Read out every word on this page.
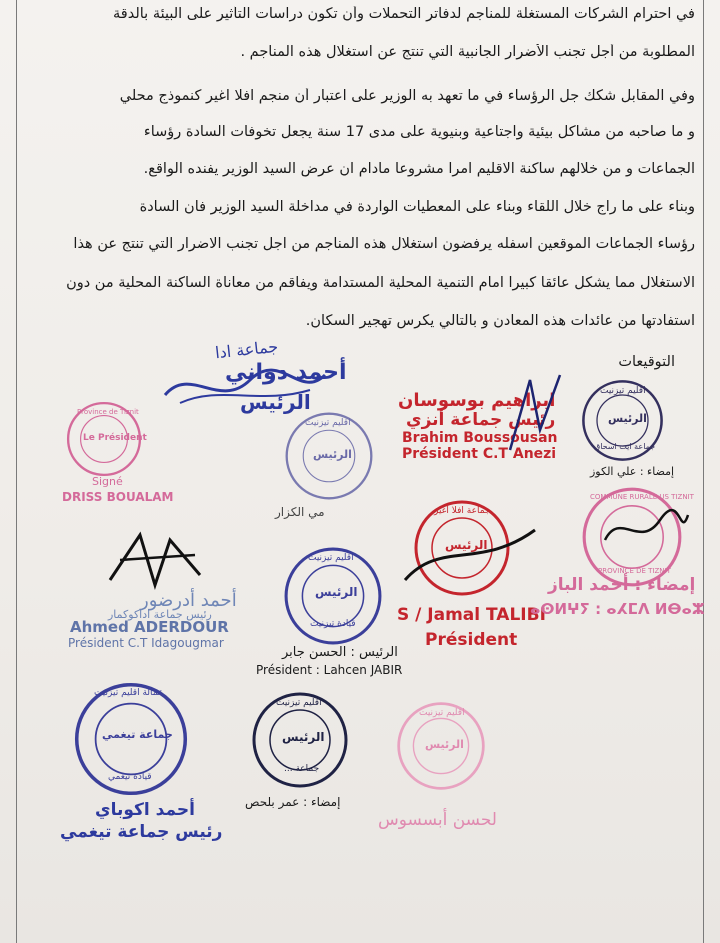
في احترام الشركات المستغلة للمناجم لدفاتر التحملات وأن تكون دراسات التأثير على البيئة بالدقة
المطلوبة من أجل تجنب الأضرار الجانبية التي تنتج عن استغلال هذه المناجم .
وفي المقابل شكك جل الرؤساء في ما تعهد به الوزير على اعتبار أن منجم افلا اغير كنموذج محلي
و ما صاحبه من مشاكل بيئية واجتاعية وبنيوية على مدى 17 سنة يجعل تخوفات السادة رؤساء
الجماعات و من خلالهم ساكنة الاقليم امرا مشروعا مادام ان عرض السيد الوزير يفنده الواقع.
وبناء على ما راج خلال اللقاء وبناء على المعطيات الواردة في مداخلة السيد الوزير فان السادة
رؤساء الجماعات الموقعين اسفله يرفضون استغلال هذه المناجم من اجل تجنب الاضرار التي تنتج عن هذا
الاستغلال مما يشكل عائقا كبيرا امام التنمية المحلية المستدامة ويفاقم من معاناة الساكنة المحلية من دون
استفادتها من عائدات هذه المعادن و بالتالي يكرس تهجير السكان.
التوقيعات
جماعة ادا
أحمد دواني
الرئيس	ابراهيم بوسوسان
رئيس جماعة أنزي
Brahim Boussousan
Président C.T Anezi
اقليم تيزنيت
الرئيس
جماعة ايت اسحاق
إمضاء : علي الكوز
Province de Tiznit
Le Président
Signé
DRISS BOUALAM
اقليم تيزنيت
الرئيس
مي الكزار
أحمد أدرضور
رئيس جماعة اداكوكمار
Ahmed ADERDOUR
Président C.T Idagougmar
اقليم تيزنيت
الرئيس
قيادة تيزنيت
الرئيس : الحسن جابر
Président : Lahcen JABIR
جماعة افلا اغير
الرئيس
S / Jamal TALIBI
Président
COMMUNE RURALE US TIZNIT
PROVINCE DE TIZNIT
إمضاء : أحمد الباز
ⴰⵙⵍⵖⵢ : ⴰⵃⵎⴷ ⵍⴱⴰⵣ
عمالة اقليم تيزنيت
جماعة تيغمي
قيادة تيغمي
أحمد اكوباي
رئيس جماعة تيغمي
اقليم تيزنيت
الرئيس
جماعة ...
إمضاء : عمر بلحص
اقليم تيزنيت
الرئيس
لحسن أبسسوس
